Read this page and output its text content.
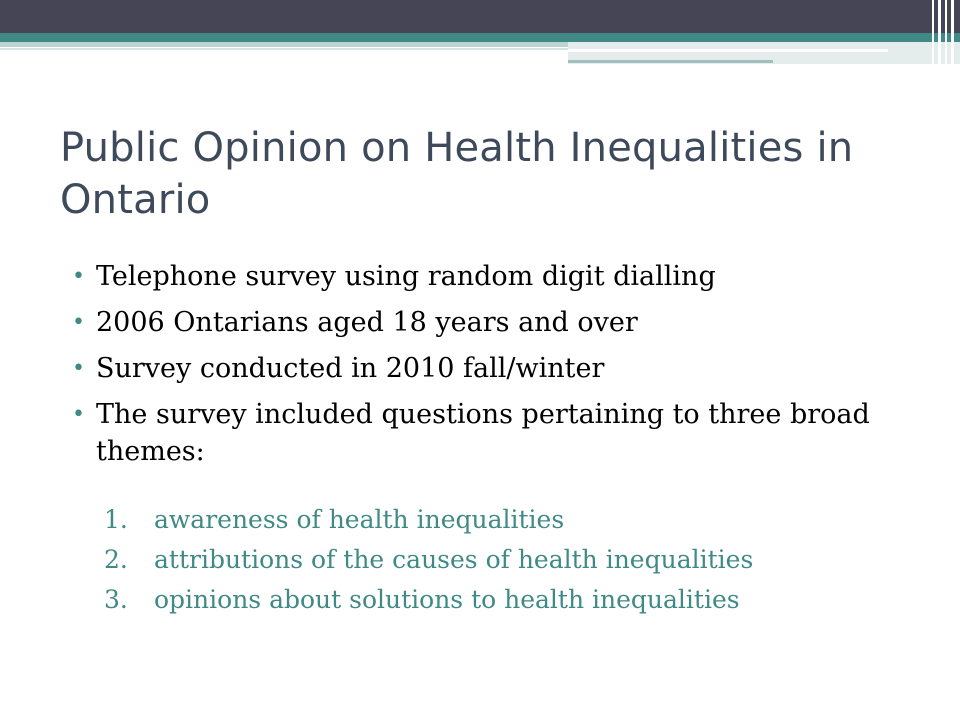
Public Opinion on Health Inequalities in Ontario
• Telephone survey using random digit dialling
• 2006 Ontarians aged 18 years and over
• Survey conducted in 2010 fall/winter
• The survey included questions pertaining to three broad themes:
1. awareness of health inequalities
2. attributions of the causes of health inequalities
3. opinions about solutions to health inequalities
